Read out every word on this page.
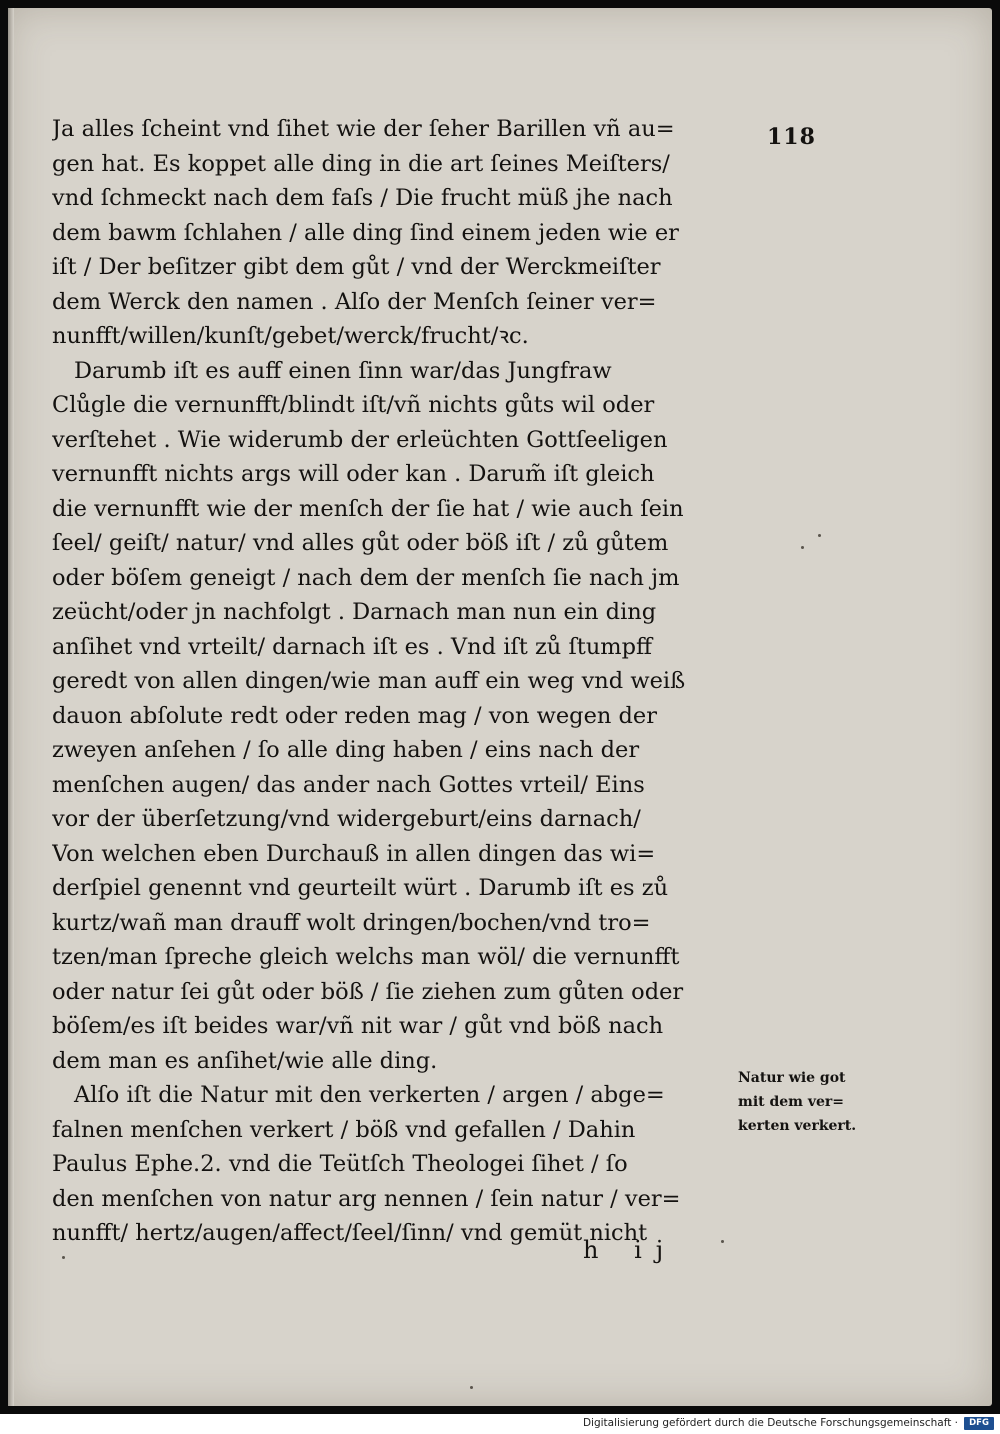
118
Ja alles ſcheint vnd ſihet wie der ſeher Barillen vñ au=
gen hat. Es koppet alle ding in die art ſeines Meiſters/
vnd ſchmeckt nach dem faſs / Die frucht müß jhe nach
dem bawm ſchlahen / alle ding ſind einem jeden wie er
iſt / Der beſitzer gibt dem gůt / vnd der Werckmeiſter
dem Werck den namen . Alſo der Menſch ſeiner ver=
nunfft/willen/kunſt/gebet/werck/frucht/ꝛc.
Darumb iſt es auff einen ſinn war/das Jungfraw
Clůgle die vernunfft/blindt iſt/vñ nichts gůts wil oder
verſtehet . Wie widerumb der erleüchten Gottſeeligen
vernunfft nichts args will oder kan . Darum̃ iſt gleich
die vernunfft wie der menſch der ſie hat / wie auch ſein
ſeel/ geiſt/ natur/ vnd alles gůt oder böß iſt / zů gůtem
oder böſem geneigt / nach dem der menſch ſie nach jm
zeücht/oder jn nachfolgt . Darnach man nun ein ding
anſihet vnd vrteilt/ darnach iſt es . Vnd iſt zů ſtumpff
geredt von allen dingen/wie man auff ein weg vnd weiß
dauon abſolute redt oder reden mag / von wegen der
zweyen anſehen / ſo alle ding haben / eins nach der
menſchen augen/ das ander nach Gottes vrteil/ Eins
vor der überſetzung/vnd widergeburt/eins darnach/
Von welchen eben Durchauß in allen dingen das wi=
derſpiel genennt vnd geurteilt würt . Darumb iſt es zů
kurtz/wañ man drauff wolt dringen/bochen/vnd tro=
tzen/man ſpreche gleich welchs man wöl/ die vernunfft
oder natur ſei gůt oder böß / ſie ziehen zum gůten oder
böſem/es iſt beides war/vñ nit war / gůt vnd böß nach
dem man es anſihet/wie alle ding.
Alſo iſt die Natur mit den verkerten / argen / abge=
falnen menſchen verkert / böß vnd gefallen / Dahin
Paulus Ephe.2. vnd die Teütſch Theologei ſihet / ſo
den menſchen von natur arg nennen / ſein natur / ver=
nunfft/ hertz/augen/affect/ſeel/ſinn/ vnd gemüt nicht
Natur wie got
mit dem ver=
kerten verkert.
h ij
Digitalisierung gefördert durch die Deutsche Forschungsgemeinschaft ·	DFG
